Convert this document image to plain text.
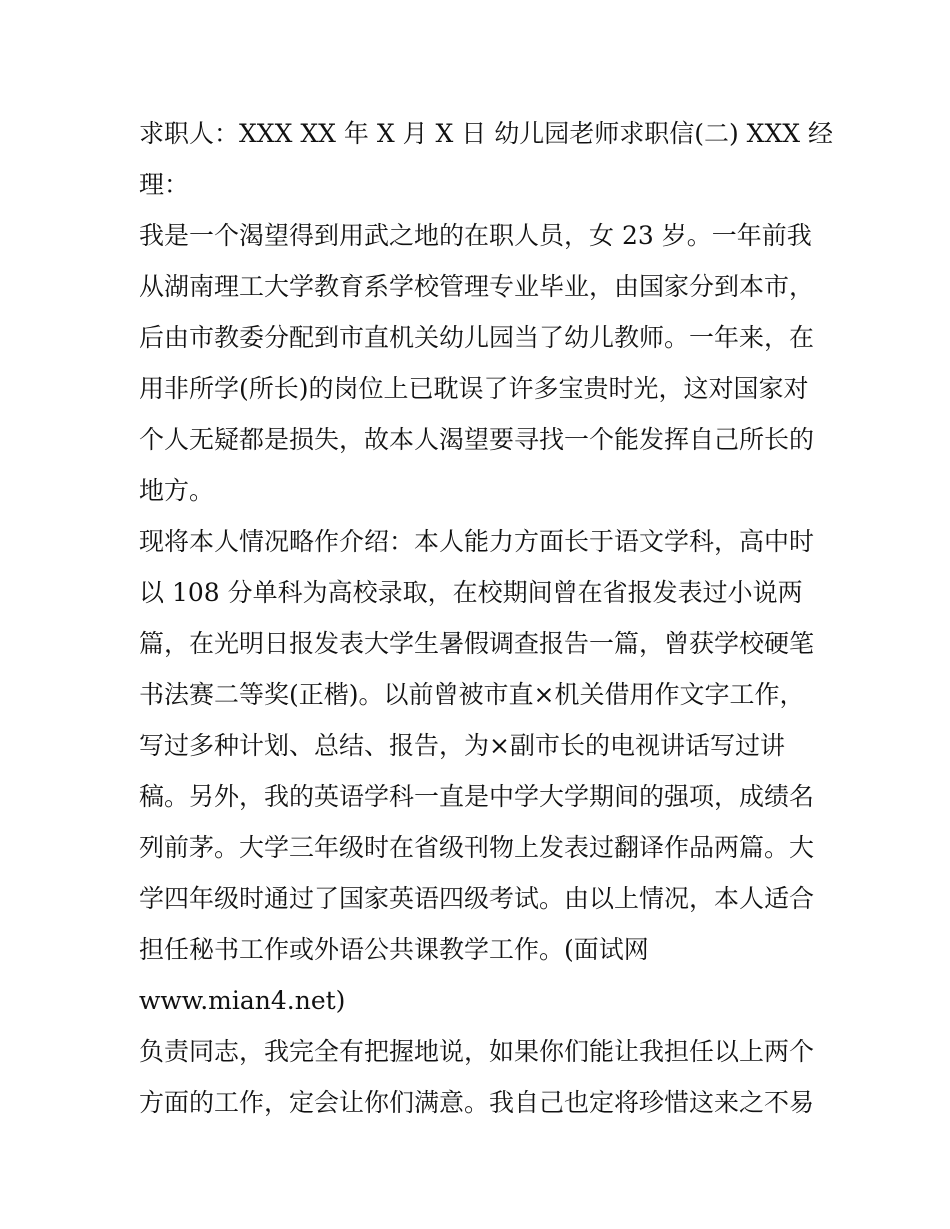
求职人：XXX XX 年 X 月 X 日 幼儿园老师求职信(二) XXX 经
理：
我是一个渴望得到用武之地的在职人员，女 23 岁。一年前我
从湖南理工大学教育系学校管理专业毕业，由国家分到本市，
后由市教委分配到市直机关幼儿园当了幼儿教师。一年来，在
用非所学(所长)的岗位上已耽误了许多宝贵时光，这对国家对
个人无疑都是损失，故本人渴望要寻找一个能发挥自己所长的
地方。
现将本人情况略作介绍：本人能力方面长于语文学科，高中时
以 108 分单科为高校录取，在校期间曾在省报发表过小说两
篇，在光明日报发表大学生暑假调查报告一篇，曾获学校硬笔
书法赛二等奖(正楷)。以前曾被市直×机关借用作文字工作，
写过多种计划、总结、报告，为×副市长的电视讲话写过讲
稿。另外，我的英语学科一直是中学大学期间的强项，成绩名
列前茅。大学三年级时在省级刊物上发表过翻译作品两篇。大
学四年级时通过了国家英语四级考试。由以上情况，本人适合
担任秘书工作或外语公共课教学工作。(面试网
www.mian4.net)
负责同志，我完全有把握地说，如果你们能让我担任以上两个
方面的工作，定会让你们满意。我自己也定将珍惜这来之不易
